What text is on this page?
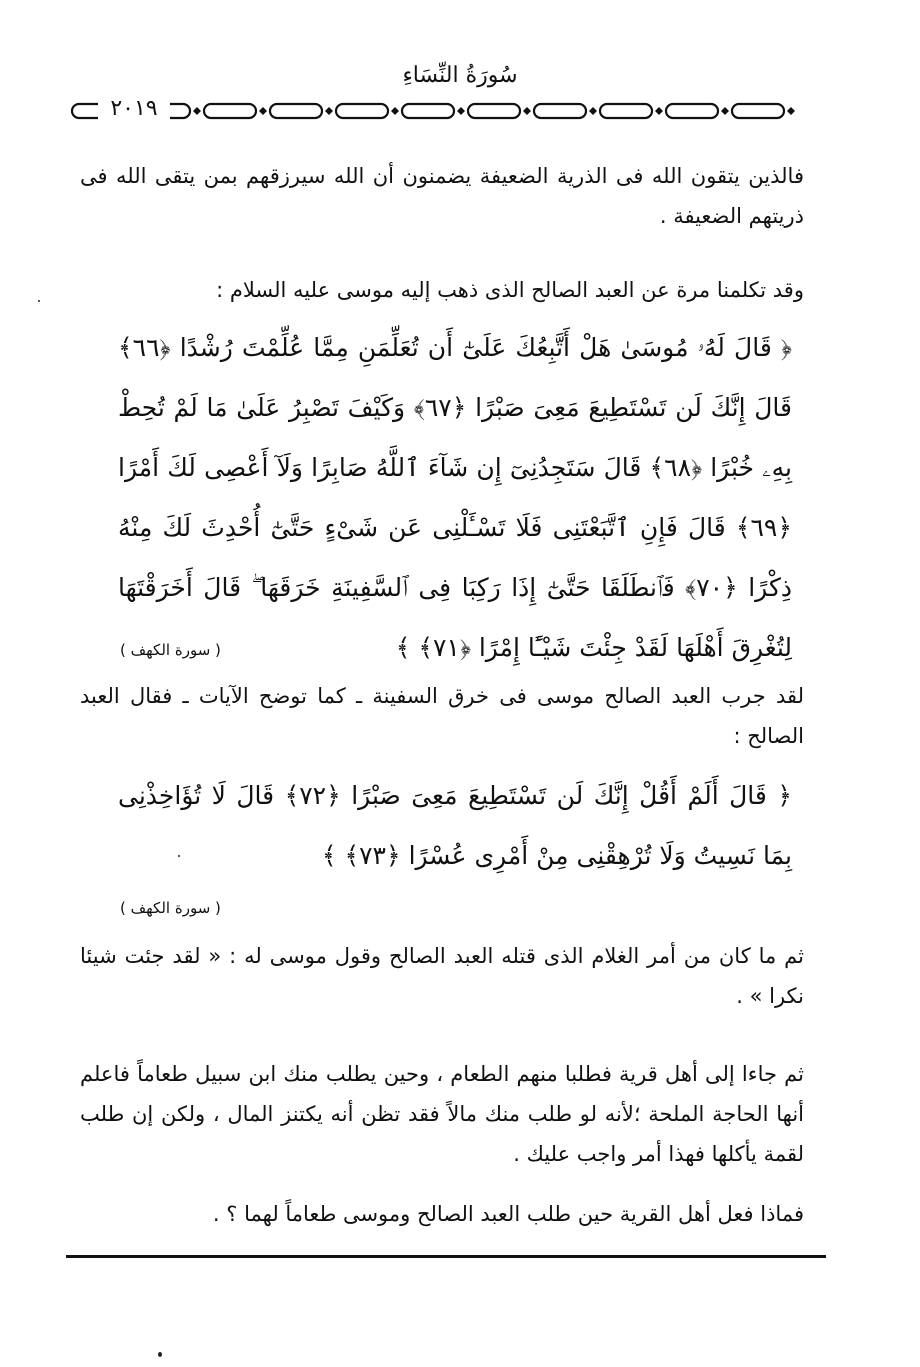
سُورَةُ النِّسَاءِ
٢٠١٩
فالذين يتقون الله فى الذرية الضعيفة يضمنون أن الله سيرزقهم بمن يتقى الله فى ذريتهم الضعيفة .
وقد تكلمنا مرة عن العبد الصالح الذى ذهب إليه موسى عليه السلام :
﴿ قَالَ لَهُۥ مُوسَىٰ هَلْ أَتَّبِعُكَ عَلَىٰٓ أَن تُعَلِّمَنِ مِمَّا عُلِّمْتَ رُشْدًا ﴿٦٦﴾ قَالَ إِنَّكَ لَن تَسْتَطِيعَ مَعِىَ صَبْرًا ﴿٦٧﴾ وَكَيْفَ تَصْبِرُ عَلَىٰ مَا لَمْ تُحِطْ بِهِۦ خُبْرًا ﴿٦٨﴾ قَالَ سَتَجِدُنِىٓ إِن شَآءَ ٱللَّهُ صَابِرًا وَلَآ أَعْصِى لَكَ أَمْرًا ﴿٦٩﴾ قَالَ فَإِنِ ٱتَّبَعْتَنِى فَلَا تَسْـَٔلْنِى عَن شَىْءٍ حَتَّىٰٓ أُحْدِثَ لَكَ مِنْهُ ذِكْرًا ﴿٧٠﴾ فَٱنطَلَقَا حَتَّىٰٓ إِذَا رَكِبَا فِى ٱلسَّفِينَةِ خَرَقَهَا ۖ قَالَ أَخَرَقْتَهَا لِتُغْرِقَ أَهْلَهَا لَقَدْ جِئْتَ شَيْـًٔا إِمْرًا ﴿٧١﴾ ﴾
( سورة الكهف )
لقد جرب العبد الصالح موسى فى خرق السفينة ـ كما توضح الآيات ـ فقال العبد الصالح :
﴿ قَالَ أَلَمْ أَقُلْ إِنَّكَ لَن تَسْتَطِيعَ مَعِىَ صَبْرًا ﴿٧٢﴾ قَالَ لَا تُؤَاخِذْنِى بِمَا نَسِيتُ وَلَا تُرْهِقْنِى مِنْ أَمْرِى عُسْرًا ﴿٧٣﴾ ﴾
( سورة الكهف )
ثم ما كان من أمر الغلام الذى قتله العبد الصالح وقول موسى له : « لقد جئت شيئا نكرا » .
ثم جاءا إلى أهل قرية فطلبا منهم الطعام ، وحين يطلب منك ابن سبيل طعاماً فاعلم أنها الحاجة الملحة ؛لأنه لو طلب منك مالاً فقد تظن أنه يكتنز المال ، ولكن إن طلب لقمة يأكلها فهذا أمر واجب عليك .
فماذا فعل أهل القرية حين طلب العبد الصالح وموسى طعاماً لهما ؟ .
